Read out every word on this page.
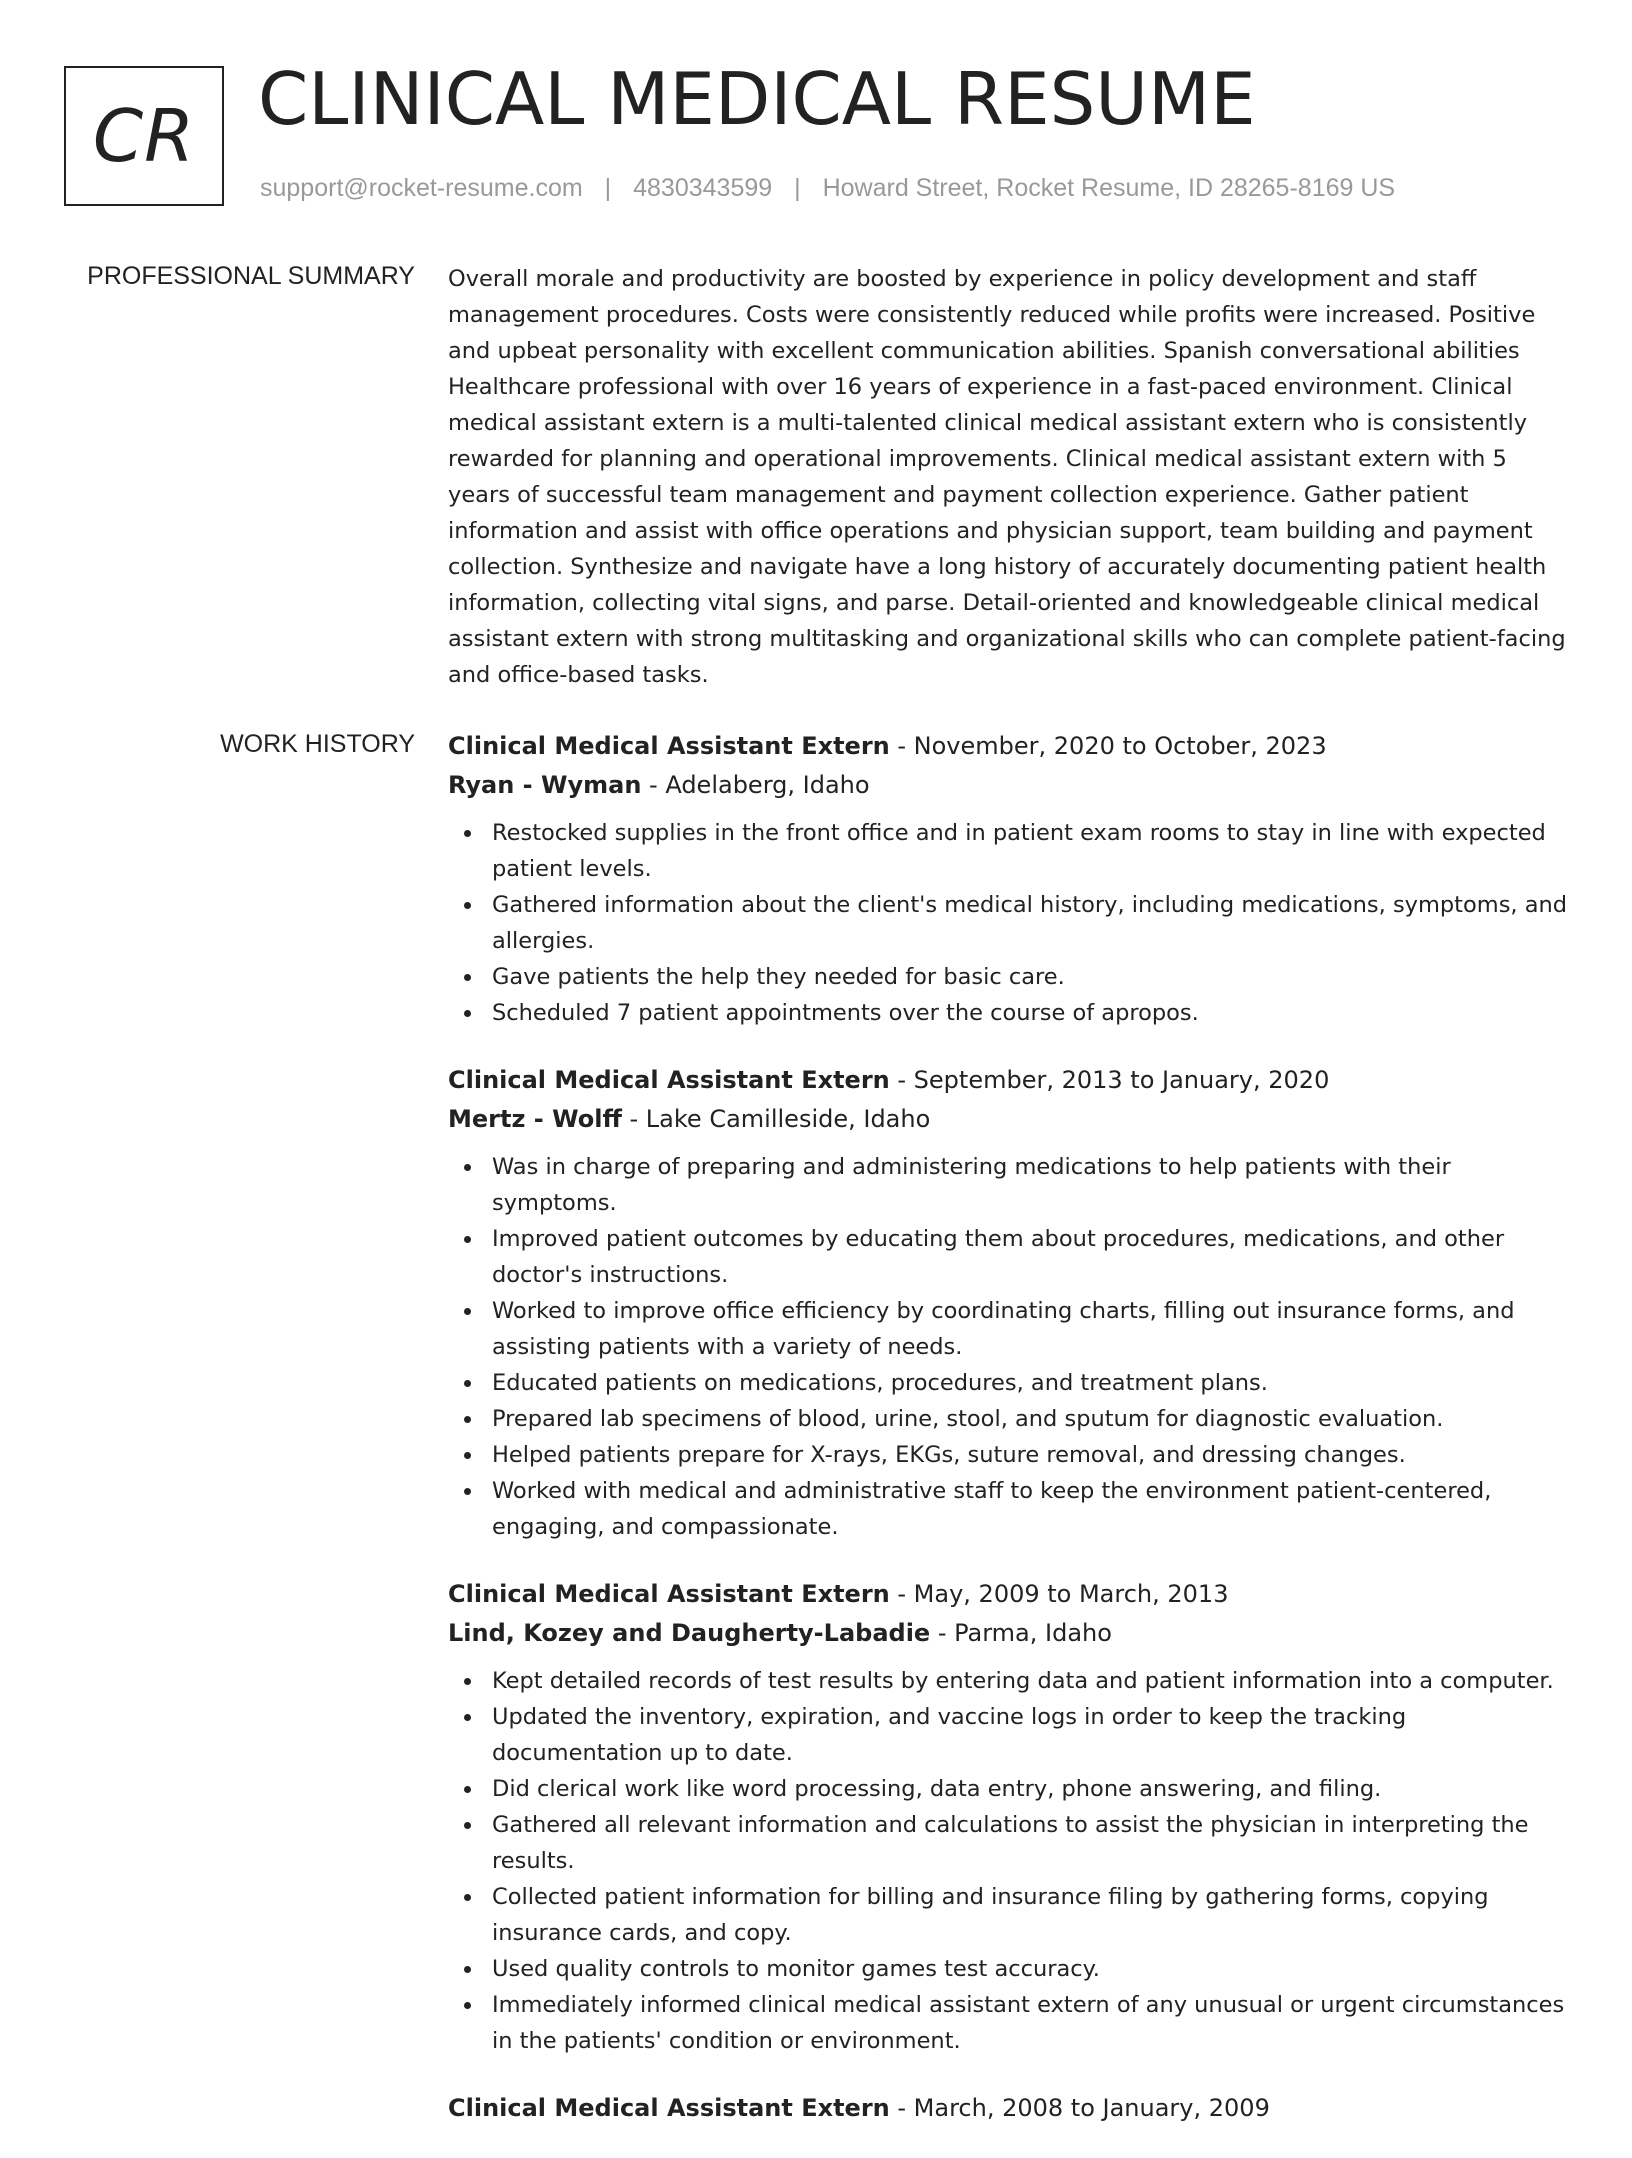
CR CLINICAL MEDICAL RESUME
support@rocket-resume.com | 4830343599 | Howard Street, Rocket Resume, ID 28265-8169 US
PROFESSIONAL SUMMARY Overall morale and productivity are boosted by experience in policy development and staff management procedures. Costs were consistently reduced while profits were increased. Positive and upbeat personality with excellent communication abilities. Spanish conversational abilities Healthcare professional with over 16 years of experience in a fast-paced environment. Clinical medical assistant extern is a multi-talented clinical medical assistant extern who is consistently rewarded for planning and operational improvements. Clinical medical assistant extern with 5 years of successful team management and payment collection experience. Gather patient information and assist with office operations and physician support, team building and payment collection. Synthesize and navigate have a long history of accurately documenting patient health information, collecting vital signs, and parse. Detail-oriented and knowledgeable clinical medical assistant extern with strong multitasking and organizational skills who can complete patient-facing and office-based tasks.

WORK HISTORY Clinical Medical Assistant Extern - November, 2020 to October, 2023
Ryan - Wyman - Adelaberg, Idaho
Restocked supplies in the front office and in patient exam rooms to stay in line with expected patient levels.
Gathered information about the client's medical history, including medications, symptoms, and allergies.
Gave patients the help they needed for basic care.
Scheduled 7 patient appointments over the course of apropos.
Clinical Medical Assistant Extern - September, 2013 to January, 2020
Mertz - Wolff - Lake Camilleside, Idaho
Was in charge of preparing and administering medications to help patients with their symptoms.
Improved patient outcomes by educating them about procedures, medications, and other doctor's instructions.
Worked to improve office efficiency by coordinating charts, filling out insurance forms, and assisting patients with a variety of needs.
Educated patients on medications, procedures, and treatment plans.
Prepared lab specimens of blood, urine, stool, and sputum for diagnostic evaluation.
Helped patients prepare for X-rays, EKGs, suture removal, and dressing changes.
Worked with medical and administrative staff to keep the environment patient-centered, engaging, and compassionate.
Clinical Medical Assistant Extern - May, 2009 to March, 2013
Lind, Kozey and Daugherty-Labadie - Parma, Idaho
Kept detailed records of test results by entering data and patient information into a computer.
Updated the inventory, expiration, and vaccine logs in order to keep the tracking documentation up to date.
Did clerical work like word processing, data entry, phone answering, and filing.
Gathered all relevant information and calculations to assist the physician in interpreting the results.
Collected patient information for billing and insurance filing by gathering forms, copying insurance cards, and copy.
Used quality controls to monitor games test accuracy.
Immediately informed clinical medical assistant extern of any unusual or urgent circumstances in the patients' condition or environment.
Clinical Medical Assistant Extern - March, 2008 to January, 2009
